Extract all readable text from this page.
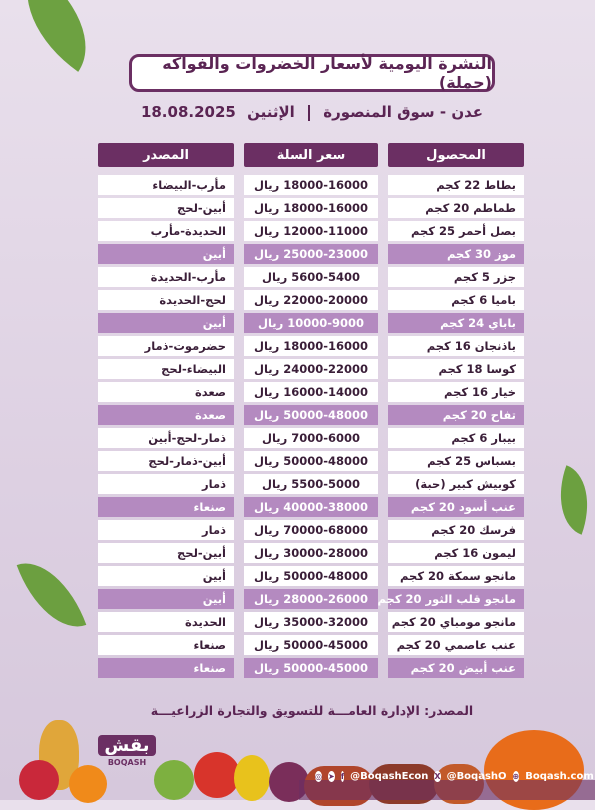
النشرة اليومية لأسعار الخضروات والفواكه (جملة)
عدن - سوق المنصورة  الإثنين 18.08.2025
المحصول
سعر السلة
المصدر
بطاط 22 كجم
18000-16000 ريال
مأرب-البيضاء
طماطم 20 كجم
18000-16000 ريال
أبين-لحج
بصل أحمر 25 كجم
12000-11000 ريال
الحديدة-مأرب
موز 30 كجم
25000-23000 ريال
أبين
جزر 5 كجم
5600-5400 ريال
مأرب-الحديدة
باميا 6 كجم
22000-20000 ريال
لحج-الحديدة
باباي 24 كجم
10000-9000 ريال
أبين
باذنجان 16 كجم
18000-16000 ريال
حضرموت-ذمار
كوسا 18 كجم
24000-22000 ريال
البيضاء-لحج
خيار 16 كجم
16000-14000 ريال
صعدة
تفاح 20 كجم
50000-48000 ريال
صعدة
بيبار 6 كجم
7000-6000 ريال
ذمار-لحج-أبين
بسباس 25 كجم
50000-48000 ريال
أبين-ذمار-لحج
كوبيش كبير (حبة)
5500-5000 ريال
ذمار
عنب أسود 20 كجم
40000-38000 ريال
صنعاء
فرسك 20 كجم
70000-68000 ريال
ذمار
ليمون 16 كجم
30000-28000 ريال
أبين-لحج
مانجو سمكة 20 كجم
50000-48000 ريال
أبين
مانجو قلب الثور 20 كجم
28000-26000 ريال
أبين
مانجو مومباي 20 كجم
35000-32000 ريال
الحديدة
عنب عاصمي 20 كجم
50000-45000 ريال
صنعاء
عنب أبيض 20 كجم
50000-45000 ريال
صنعاء
المصدر: الإدارة العامـــة للتسويق والتجارة الزراعيـــة
بقش
BOQASH
◎ ➤ f @BoqashEcon X @BoqashO ⊕ Boqash.com
